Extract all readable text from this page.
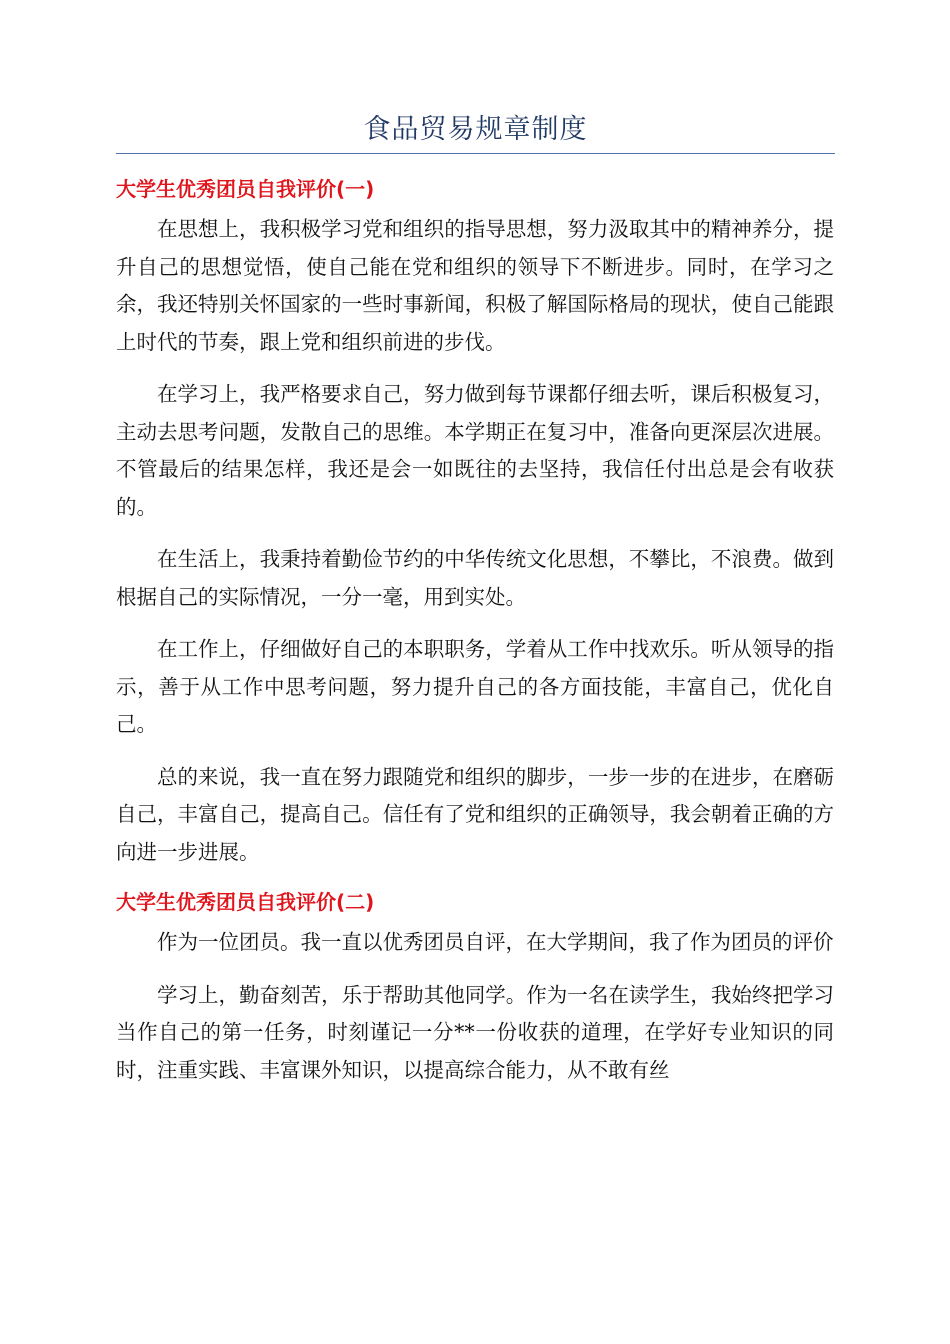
食品贸易规章制度
大学生优秀团员自我评价(一)

在思想上，我积极学习党和组织的指导思想，努力汲取其中的精神养分，提升自己的思想觉悟，使自己能在党和组织的领导下不断进步。同时，在学习之余，我还特别关怀国家的一些时事新闻，积极了解国际格局的现状，使自己能跟上时代的节奏，跟上党和组织前进的步伐。

在学习上，我严格要求自己，努力做到每节课都仔细去听，课后积极复习，主动去思考问题，发散自己的思维。本学期正在复习中，准备向更深层次进展。不管最后的结果怎样，我还是会一如既往的去坚持，我信任付出总是会有收获的。

在生活上，我秉持着勤俭节约的中华传统文化思想，不攀比，不浪费。做到根据自己的实际情况，一分一毫，用到实处。

在工作上，仔细做好自己的本职职务，学着从工作中找欢乐。听从领导的指示，善于从工作中思考问题，努力提升自己的各方面技能，丰富自己，优化自己。

总的来说，我一直在努力跟随党和组织的脚步，一步一步的在进步，在磨砺自己，丰富自己，提高自己。信任有了党和组织的正确领导，我会朝着正确的方向进一步进展。

大学生优秀团员自我评价(二)

作为一位团员。我一直以优秀团员自评，在大学期间，我了作为团员的评价

学习上，勤奋刻苦，乐于帮助其他同学。作为一名在读学生，我始终把学习当作自己的第一任务，时刻谨记一分**一份收获的道理，在学好专业知识的同时，注重实践、丰富课外知识，以提高综合能力，从不敢有丝
